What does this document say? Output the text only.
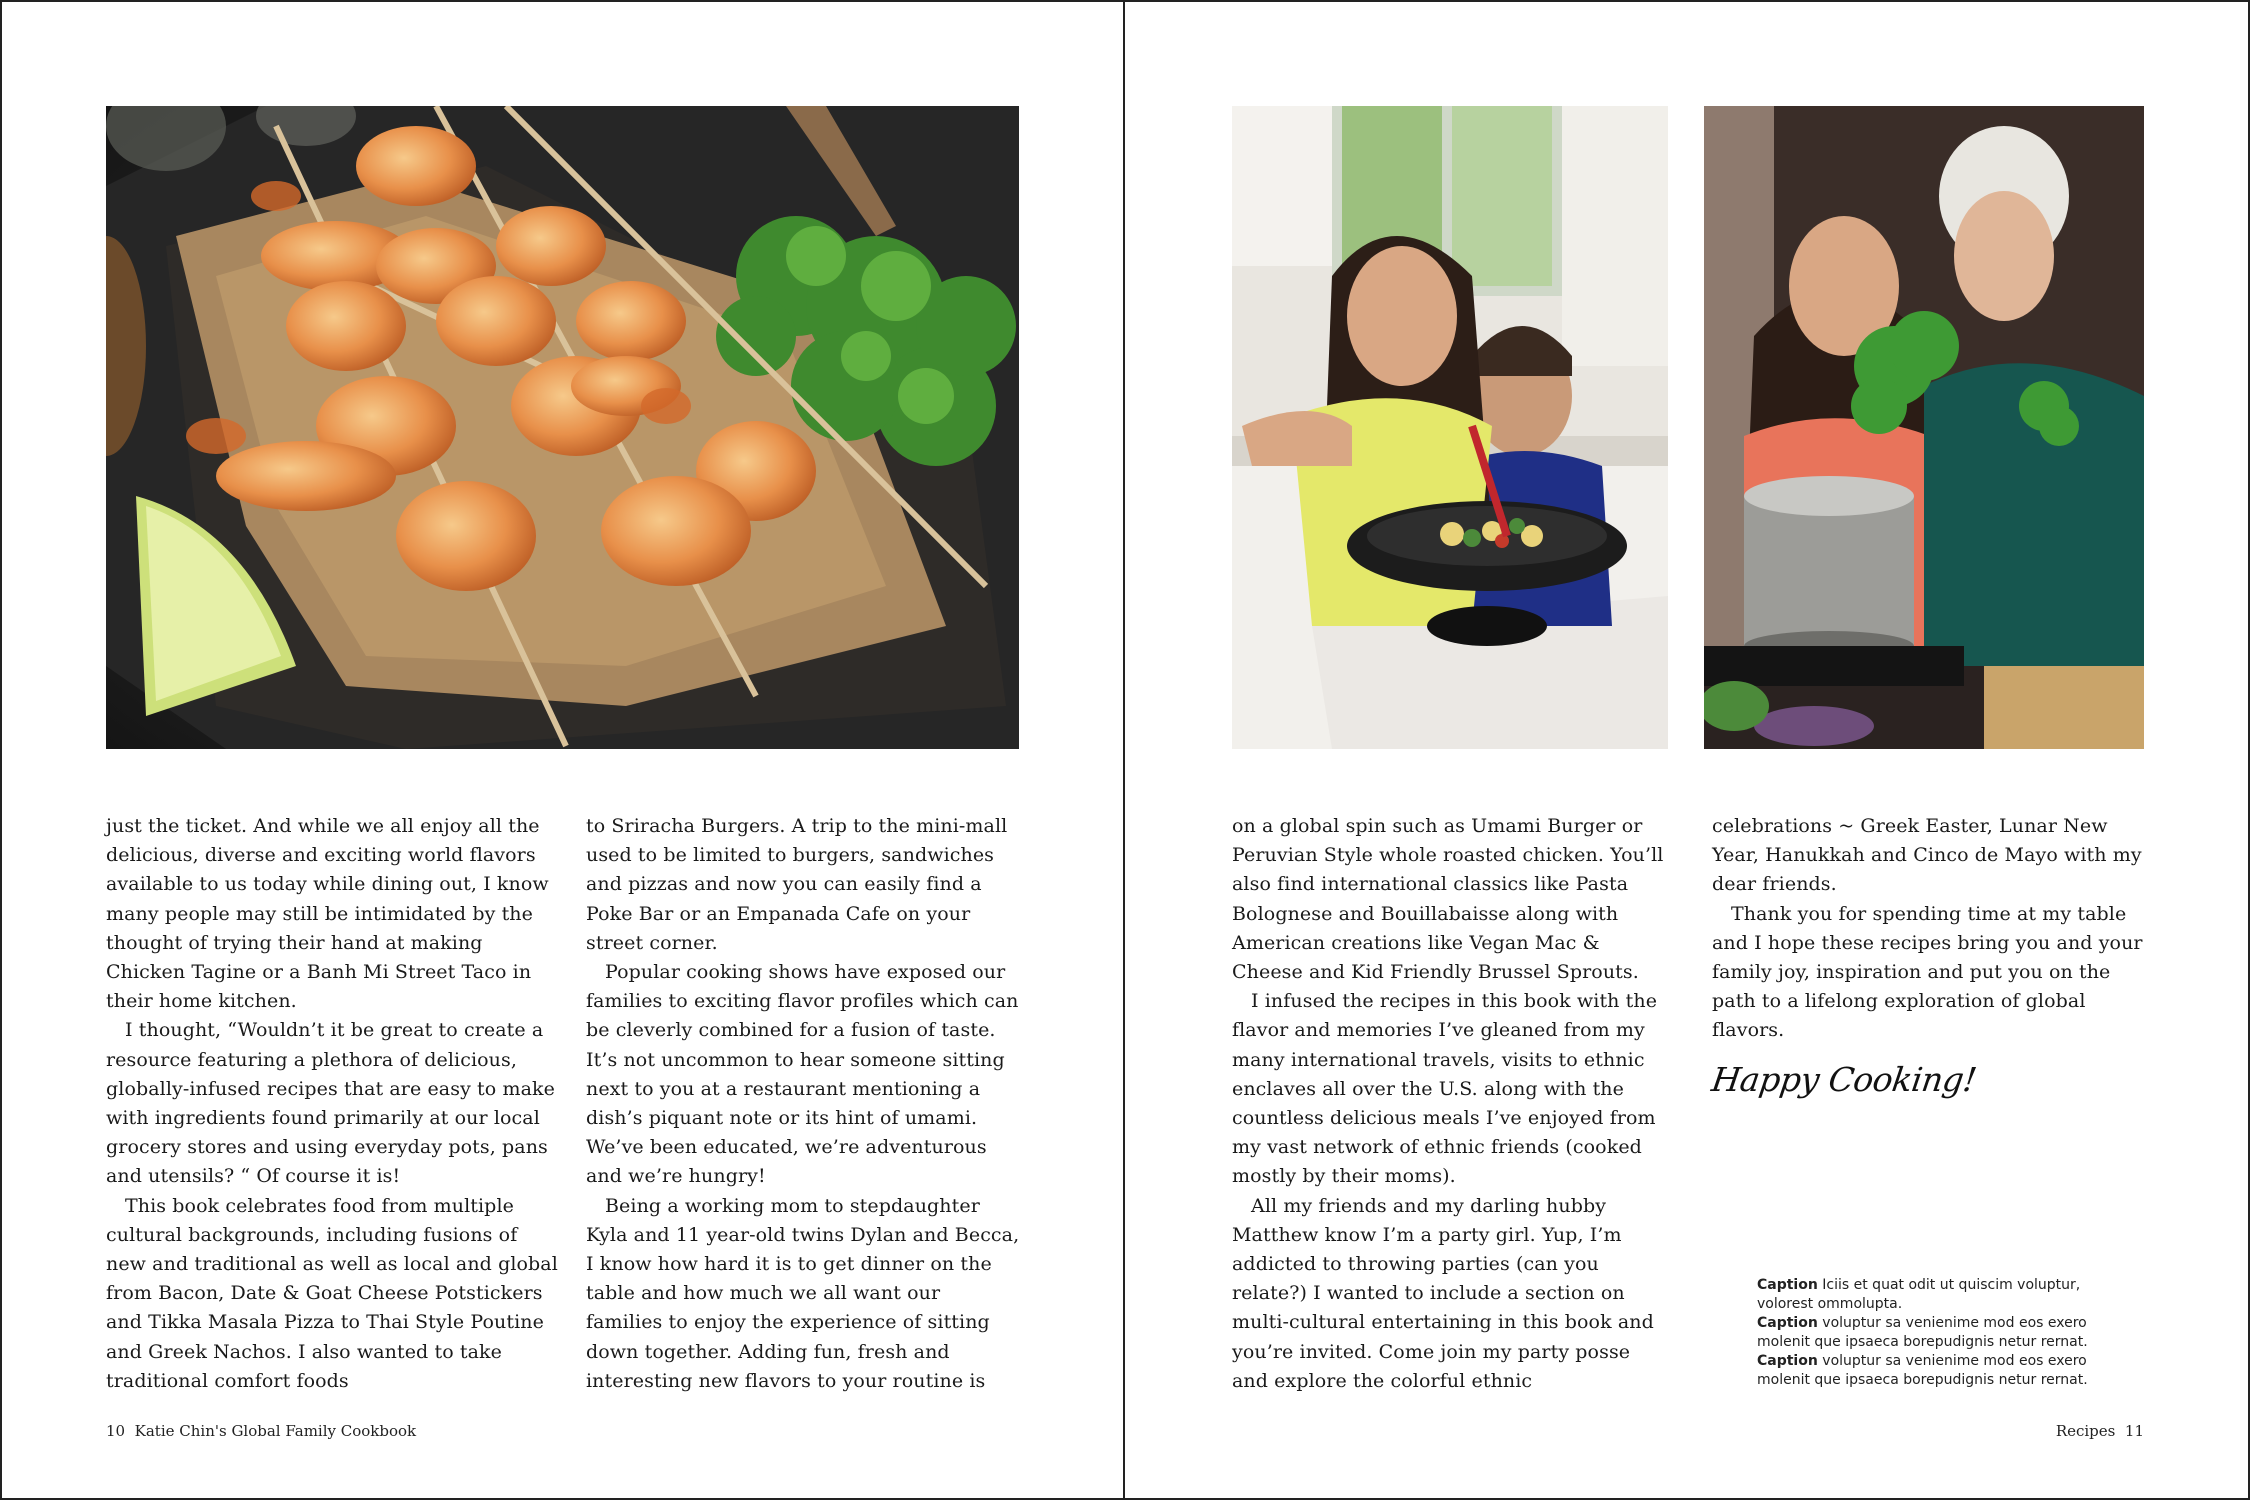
just the ticket. And while we all enjoy all the delicious, diverse and exciting world flavors available to us today while dining out, I know many people may still be intimidated by the thought of trying their hand at making Chicken Tagine or a Banh Mi Street Taco in their home kitchen.

I thought, “Wouldn’t it be great to create a resource featuring a plethora of delicious, globally-infused recipes that are easy to make with ingredients found primarily at our local grocery stores and using everyday pots, pans and utensils? “ Of course it is!

This book celebrates food from multiple cultural backgrounds, including fusions of new and traditional as well as local and global from Bacon, Date & Goat Cheese Potstickers and Tikka Masala Pizza to Thai Style Poutine and Greek Nachos. I also wanted to take traditional comfort foods

to Sriracha Burgers. A trip to the mini-mall used to be limited to burgers, sandwiches and pizzas and now you can easily find a Poke Bar or an Empanada Cafe on your street corner.

Popular cooking shows have exposed our families to exciting flavor profiles which can be cleverly combined for a fusion of taste. It’s not uncommon to hear someone sitting next to you at a restaurant mentioning a dish’s piquant note or its hint of umami. We’ve been educated, we’re adventurous and we’re hungry!

Being a working mom to stepdaughter Kyla and 11 year-old twins Dylan and Becca, I know how hard it is to get dinner on the table and how much we all want our families to enjoy the experience of sitting down together. Adding fun, fresh and interesting new flavors to your routine is

on a global spin such as Umami Burger or Peruvian Style whole roasted chicken. You’ll also find international classics like Pasta Bolognese and Bouillabaisse along with American creations like Vegan Mac & Cheese and Kid Friendly Brussel Sprouts.

I infused the recipes in this book with the flavor and memories I’ve gleaned from my many international travels, visits to ethnic enclaves all over the U.S. along with the countless delicious meals I’ve enjoyed from my vast network of ethnic friends (cooked mostly by their moms).

All my friends and my darling hubby Matthew know I’m a party girl. Yup, I’m addicted to throwing parties (can you relate?) I wanted to include a section on multi-cultural entertaining in this book and you’re invited. Come join my party posse and explore the colorful ethnic

celebrations ~ Greek Easter, Lunar New Year, Hanukkah and Cinco de Mayo with my dear friends.

Thank you for spending time at my table and I hope these recipes bring you and your family joy, inspiration and put you on the path to a lifelong exploration of global flavors.

Happy Cooking!
Caption Iciis et quat odit ut quiscim voluptur, volorest ommolupta.
Caption voluptur sa venienime mod eos exero molenit que ipsaeca borepudignis netur rernat.
Caption voluptur sa venienime mod eos exero molenit que ipsaeca borepudignis netur rernat.
10 Katie Chin's Global Family Cookbook	Recipes 11
